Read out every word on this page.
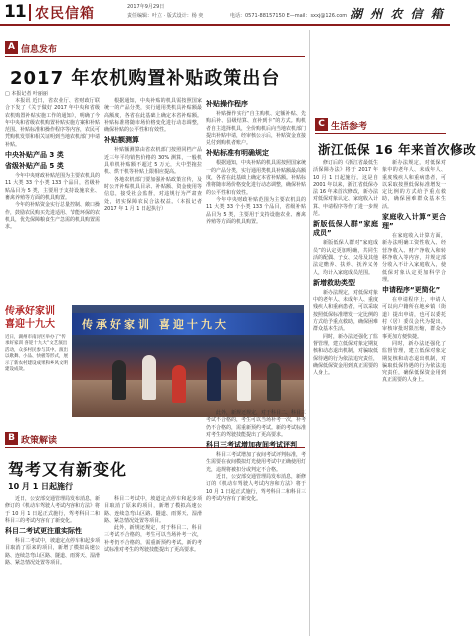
11 农民信箱	2017年9月29日
责任编辑：叶立 · 版式设计：杨 奕	电话：0571-88157150 E—mail：sxxj@126.com 湖 州 农 信 箱
A 信息发布
2017 年农机购置补贴政策出台
□ 本报记者 叶丽丽

本报讯 近日，省农业厅、省财政厅联合下发了《关于做好 2017 年中央和省级农机购置补贴实施工作的通知》，明确了今年中央和省级农机购置补贴实施方案和补贴范围、补贴标准和操作程序等内容，农民可凭购机发票和相关证明到当地农机部门申请补贴。

中央补贴产品 3 类

省级补贴产品 5 类

今年中央财政补贴范围为主要农机具的 11 大类 33 个小类 133 个品目，省级补贴品目为 5 类，主要用于支持设施农业、畜禽养殖等方面的机具购置。

今年的补贴资金实行总量控制、敞口操作，鼓励农民购买先进适用、节能环保的农机具，优先保障粮食生产急需的机具购置需求。

根据通知，中央补贴的机具需按照国家统一的产品分类，实行通用类机具补贴额最高额度，各省在此基础上确定本省补贴额。补贴标准将随市场价格变化进行动态调整，确保补贴的公平性和有效性。

补贴额测算

补贴额测算由省农机部门按照同档产品近三年平均销售价格的 30% 测算，一般机具单机补贴额不超过 5 万元，大中型拖拉机、烘干机等补贴上限相应提高。

各地农机部门要加强补贴政策宣传，及时公开补贴机具目录、补贴额、资金使用等信息，接受社会监督，对违规行为严肃查处，切实保障农民合法权益。（本报记者 2017 年 1 月 1 日起执行）

补贴操作程序

补贴操作实行“自主购机、定额补贴、先购后补、县级结算、直补到卡”的方式。购机者自主选择机具，全价购机后向当地农机部门提出补贴申请，经审核公示后，补贴资金直接兑付到购机者账户。

补贴标准有明确规定

根据通知，中央补贴的机具需按照国家统一的产品分类，实行通用类机具补贴额最高额度，各省在此基础上确定本省补贴额。补贴标准将随市场价格变化进行动态调整，确保补贴的公平性和有效性。

今年中央财政补贴范围为主要农机具的 11 大类 33 个小类 133 个品目，省级补贴品目为 5 类，主要用于支持设施农业、畜禽养殖等方面的机具购置。

传承好家训
喜迎十九大
近日，湖州市南浔区举办了“传承好家训 喜迎十九大”文艺演出活动，众多村民参与其中。演出以歌舞、小品、快板等形式，展示了新农村建设成果和乡风文明建设成效。
传承好家训 喜迎十九大
B 政策解读
驾考又有新变化
10 月 1 日起施行

近日，公安部交通管理局发布消息，新修订的《机动车驾驶人考试内容和方法》将于 10 月 1 日起正式施行，驾考科目二和科目三的考试内容有了新变化。

科目二考试更注重实际性

科目二考试中，坡道定点停车和起步项目取消了原来的项目，新增了模拟高速公路、连续急弯山区路、隧道、雨雾天、湿滑路、紧急情况处置等项目。

科目二考试中，坡道定点停车和起步项目取消了原来的项目，新增了模拟高速公路、连续急弯山区路、隧道、雨雾天、湿滑路、紧急情况处置等项目。

此外，新规还规定，对于科目二、科目三考试不合格的，考生可以当场补考一次，补考仍不合格的，需重新预约考试。新的考试标准对考生的驾驶技能提出了更高要求。

此外，新规还规定，对于科目二、科目三考试不合格的，考生可以当场补考一次，补考仍不合格的，需重新预约考试。新的考试标准对考生的驾驶技能提出了更高要求。

科目三考试增加夜间考试评判

科目三考试增加了夜间考试评判标准，考生需要在夜间模拟灯光使用考试中正确使用灯光，违规将被扣分或判定不合格。

近日，公安部交通管理局发布消息，新修订的《机动车驾驶人考试内容和方法》将于 10 月 1 日起正式施行，驾考科目二和科目三的考试内容有了新变化。

C 生活参考
浙江低保 16 年来首次修改

修订后的《浙江省最低生活保障办法》将于 2017 年 10 月 1 日起施行。这是自 2001 年以来，浙江省低保办法 16 年来首次修改，新办法对低保对象认定、家庭收入计算、申请程序等作了进一步规范。

新版低保人群“家庭成员”

新版低保人群对“家庭成员”的认定更加明确，共同生活的配偶、子女、父母及其他法定赡养、扶养、抚养义务人，均计入家庭成员范围。

新增救助类型

新办法规定，对低保对象中的老年人、未成年人、重度残疾人和重病患者，可以采取按照低保标准增发一定比例的方式给予重点救助，确保困难群众基本生活。

同时，新办法还强化了监督管理，建立低保对象定期复核和动态退出机制，对骗取低保待遇的行为依法追究责任，确保低保资金用到真正需要的人身上。

新办法规定，对低保对象中的老年人、未成年人、重度残疾人和重病患者，可以采取按照低保标准增发一定比例的方式给予重点救助，确保困难群众基本生活。

家庭收入计算“更合理”

在家庭收入计算方面，新办法明确工资性收入、经营净收入、财产净收入和转移净收入等内容，并规定部分收入不计入家庭收入，使低保对象认定更加科学合理。

申请程序“更简化”

在申请程序上，申请人可以向户籍所在地乡镇（街道）提出申请，也可以委托村（居）委员会代为提出，审核审批时限压缩，群众办事更加方便快捷。

同时，新办法还强化了监督管理，建立低保对象定期复核和动态退出机制，对骗取低保待遇的行为依法追究责任，确保低保资金用到真正需要的人身上。
